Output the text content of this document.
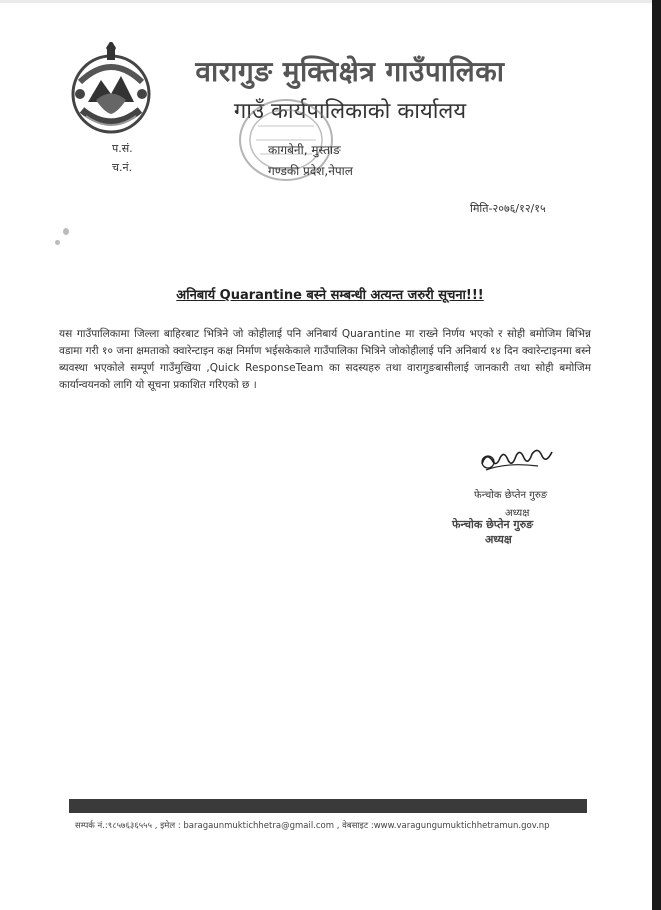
वारागुङ मुक्तिक्षेत्र गाउँपालिका
गाउँ कार्यपालिकाको कार्यालय
प.सं.
च.नं.
कागबेनी, मुस्ताङ
गण्डकी प्रदेश,नेपाल
मिति-२०७६/१२/१५
अनिबार्य Quarantine बस्ने सम्बन्धी अत्यन्त जरुरी सूचना!!!
यस गाउँपालिकामा जिल्ला बाहिरबाट भित्रिने जो कोहीलाई पनि अनिबार्य Quarantine मा राख्ने निर्णय भएको र सोही बमोजिम बिभिन्न वडामा गरी १० जना क्षमताको क्वारेन्टाइन कक्ष निर्माण भईसकेकाले गाउँपालिका भित्रिने जोकोहीलाई पनि अनिबार्य १४ दिन क्वारेन्टाइनमा बस्ने ब्यवस्था भएकोले सम्पूर्ण गाउँमुखिया ,Quick ResponseTeam का सदस्यहरु तथा वारागुङबासीलाई जानकारी तथा सोही बमोजिम कार्यान्वयनको लागि यो सूचना प्रकाशित गरिएको छ ।
फेन्चोक छेप्तेन गुरुङ
अध्यक्ष
फेन्चोक छेप्तेन गुरुङ
अध्यक्ष
सम्पर्क नं.:९८५७६३६५५५ , इमेल : baragaunmuktichhetra@gmail.com , वेबसाइट :www.varagungumuktichhetramun.gov.np
